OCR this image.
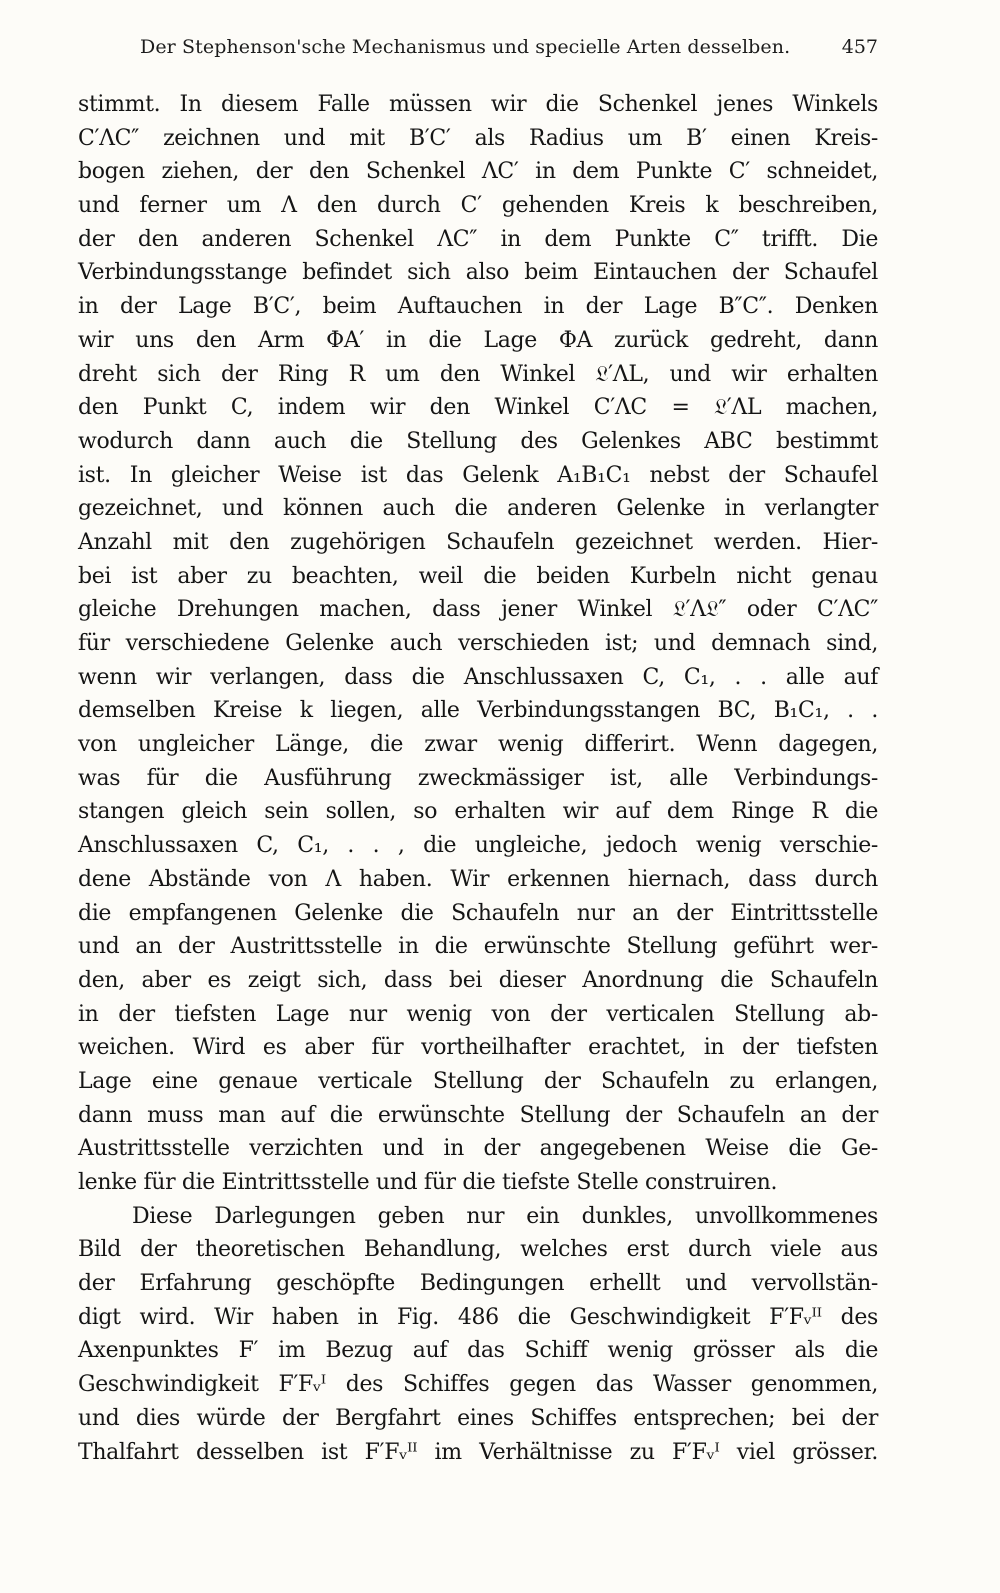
Der Stephenson'sche Mechanismus und specielle Arten desselben.	457
stimmt. In diesem Falle müssen wir die Schenkel jenes Winkels
C′ΛC″ zeichnen und mit B′C′ als Radius um B′ einen Kreis-
bogen ziehen, der den Schenkel ΛC′ in dem Punkte C′ schneidet,
und ferner um Λ den durch C′ gehenden Kreis k beschreiben,
der den anderen Schenkel ΛC″ in dem Punkte C″ trifft. Die
Verbindungsstange befindet sich also beim Eintauchen der Schaufel
in der Lage B′C′, beim Auftauchen in der Lage B″C″. Denken
wir uns den Arm ΦA′ in die Lage ΦA zurück gedreht, dann
dreht sich der Ring R um den Winkel 𝔏′ΛL, und wir erhalten
den Punkt C, indem wir den Winkel C′ΛC = 𝔏′ΛL machen,
wodurch dann auch die Stellung des Gelenkes ABC bestimmt
ist. In gleicher Weise ist das Gelenk A₁B₁C₁ nebst der Schaufel
gezeichnet, und können auch die anderen Gelenke in verlangter
Anzahl mit den zugehörigen Schaufeln gezeichnet werden. Hier-
bei ist aber zu beachten, weil die beiden Kurbeln nicht genau
gleiche Drehungen machen, dass jener Winkel 𝔏′Λ𝔏″ oder C′ΛC″
für verschiedene Gelenke auch verschieden ist; und demnach sind,
wenn wir verlangen, dass die Anschlussaxen C, C₁, . . alle auf
demselben Kreise k liegen, alle Verbindungsstangen BC, B₁C₁, . .
von ungleicher Länge, die zwar wenig differirt. Wenn dagegen,
was für die Ausführung zweckmässiger ist, alle Verbindungs-
stangen gleich sein sollen, so erhalten wir auf dem Ringe R die
Anschlussaxen C, C₁, . . , die ungleiche, jedoch wenig verschie-
dene Abstände von Λ haben. Wir erkennen hiernach, dass durch
die empfangenen Gelenke die Schaufeln nur an der Eintrittsstelle
und an der Austrittsstelle in die erwünschte Stellung geführt wer-
den, aber es zeigt sich, dass bei dieser Anordnung die Schaufeln
in der tiefsten Lage nur wenig von der verticalen Stellung ab-
weichen. Wird es aber für vortheilhafter erachtet, in der tiefsten
Lage eine genaue verticale Stellung der Schaufeln zu erlangen,
dann muss man auf die erwünschte Stellung der Schaufeln an der
Austrittsstelle verzichten und in der angegebenen Weise die Ge-
lenke für die Eintrittsstelle und für die tiefste Stelle construiren.
Diese Darlegungen geben nur ein dunkles, unvollkommenes
Bild der theoretischen Behandlung, welches erst durch viele aus
der Erfahrung geschöpfte Bedingungen erhellt und vervollstän-
digt wird. Wir haben in Fig. 486 die Geschwindigkeit F′Fᵥᴵᴵ des
Axenpunktes F′ im Bezug auf das Schiff wenig grösser als die
Geschwindigkeit F′Fᵥᴵ des Schiffes gegen das Wasser genommen,
und dies würde der Bergfahrt eines Schiffes entsprechen; bei der
Thalfahrt desselben ist F′Fᵥᴵᴵ im Verhältnisse zu F′Fᵥᴵ viel grösser.
